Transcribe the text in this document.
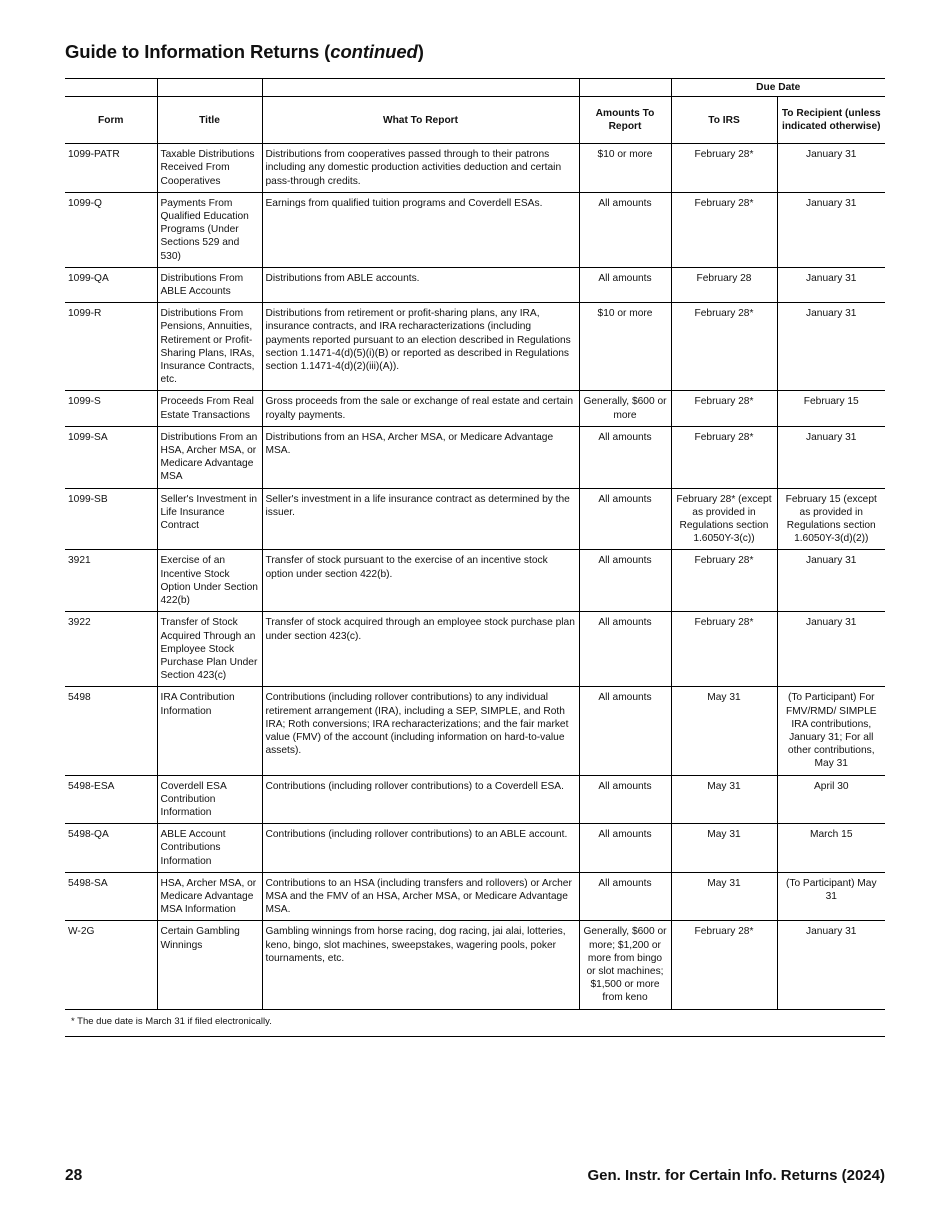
Guide to Information Returns (continued)
				Due Date	
Form	Title	What To Report	Amounts To Report	To IRS	To Recipient (unless indicated otherwise)
1099-PATR	Taxable Distributions Received From Cooperatives	Distributions from cooperatives passed through to their patrons including any domestic production activities deduction and certain pass-through credits.	$10 or more	February 28*	January 31
1099-Q	Payments From Qualified Education Programs (Under Sections 529 and 530)	Earnings from qualified tuition programs and Coverdell ESAs.	All amounts	February 28*	January 31
1099-QA	Distributions From ABLE Accounts	Distributions from ABLE accounts.	All amounts	February 28	January 31
1099-R	Distributions From Pensions, Annuities, Retirement or Profit-Sharing Plans, IRAs, Insurance Contracts, etc.	Distributions from retirement or profit-sharing plans, any IRA, insurance contracts, and IRA recharacterizations (including payments reported pursuant to an election described in Regulations section 1.1471-4(d)(5)(i)(B) or reported as described in Regulations section 1.1471-4(d)(2)(iii)(A)).	$10 or more	February 28*	January 31
1099-S	Proceeds From Real Estate Transactions	Gross proceeds from the sale or exchange of real estate and certain royalty payments.	Generally, $600 or more	February 28*	February 15
1099-SA	Distributions From an HSA, Archer MSA, or Medicare Advantage MSA	Distributions from an HSA, Archer MSA, or Medicare Advantage MSA.	All amounts	February 28*	January 31
1099-SB	Seller's Investment in Life Insurance Contract	Seller's investment in a life insurance contract as determined by the issuer.	All amounts	February 28* (except as provided in Regulations section 1.6050Y-3(c))	February 15 (except as provided in Regulations section 1.6050Y-3(d)(2))
3921	Exercise of an Incentive Stock Option Under Section 422(b)	Transfer of stock pursuant to the exercise of an incentive stock option under section 422(b).	All amounts	February 28*	January 31
3922	Transfer of Stock Acquired Through an Employee Stock Purchase Plan Under Section 423(c)	Transfer of stock acquired through an employee stock purchase plan under section 423(c).	All amounts	February 28*	January 31
5498	IRA Contribution Information	Contributions (including rollover contributions) to any individual retirement arrangement (IRA), including a SEP, SIMPLE, and Roth IRA; Roth conversions; IRA recharacterizations; and the fair market value (FMV) of the account (including information on hard-to-value assets).	All amounts	May 31	(To Participant) For FMV/RMD/ SIMPLE IRA contributions, January 31; For all other contributions, May 31
5498-ESA	Coverdell ESA Contribution Information	Contributions (including rollover contributions) to a Coverdell ESA.	All amounts	May 31	April 30
5498-QA	ABLE Account Contributions Information	Contributions (including rollover contributions) to an ABLE account.	All amounts	May 31	March 15
5498-SA	HSA, Archer MSA, or Medicare Advantage MSA Information	Contributions to an HSA (including transfers and rollovers) or Archer MSA and the FMV of an HSA, Archer MSA, or Medicare Advantage MSA.	All amounts	May 31	(To Participant) May 31
W-2G	Certain Gambling Winnings	Gambling winnings from horse racing, dog racing, jai alai, lotteries, keno, bingo, slot machines, sweepstakes, wagering pools, poker tournaments, etc.	Generally, $600 or more; $1,200 or more from bingo or slot machines; $1,500 or more from keno	February 28*	January 31
* The due date is March 31 if filed electronically.					
28	Gen. Instr. for Certain Info. Returns (2024)
